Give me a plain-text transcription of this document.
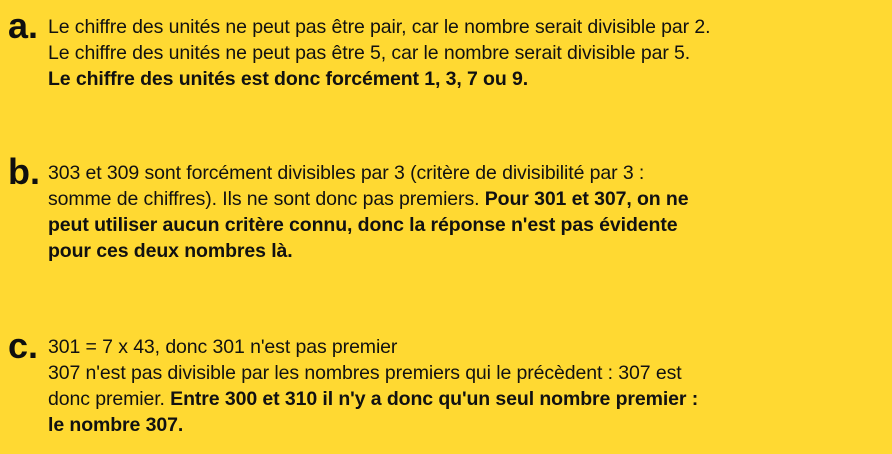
a. Le chiffre des unités ne peut pas être pair, car le nombre serait divisible par 2.
Le chiffre des unités ne peut pas être 5, car le nombre serait divisible par 5.
Le chiffre des unités est donc forcément 1, 3, 7 ou 9.
b. 303 et 309 sont forcément divisibles par 3 (critère de divisibilité par 3 :
somme de chiffres). Ils ne sont donc pas premiers. Pour 301 et 307, on ne
peut utiliser aucun critère connu, donc la réponse n'est pas évidente
pour ces deux nombres là.
c. 301 = 7 x 43, donc 301 n'est pas premier
307 n'est pas divisible par les nombres premiers qui le précèdent : 307 est
donc premier. Entre 300 et 310 il n'y a donc qu'un seul nombre premier :
le nombre 307.
